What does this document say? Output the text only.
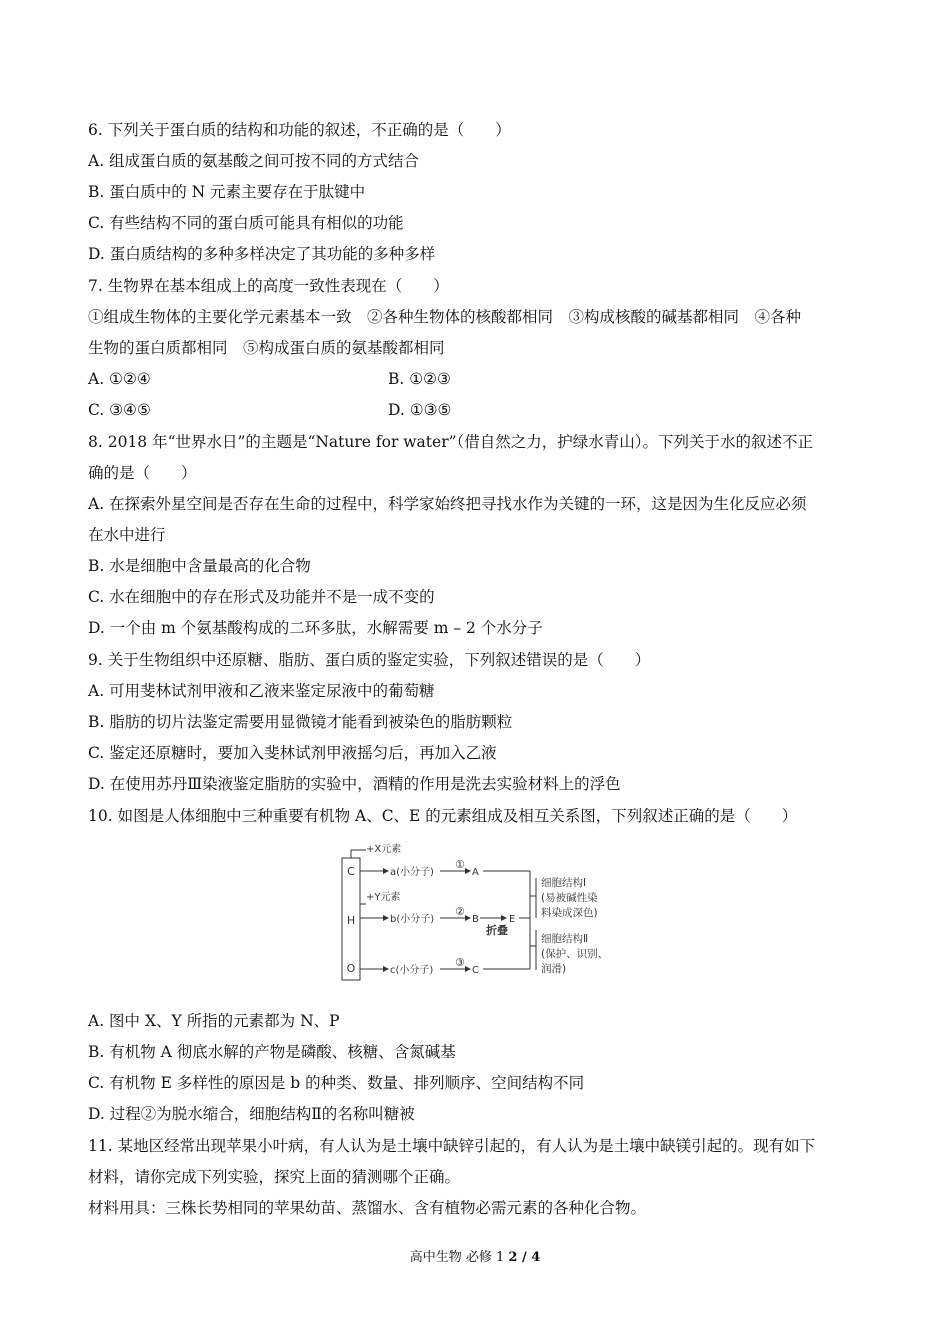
6. 下列关于蛋白质的结构和功能的叙述，不正确的是（　　）
A. 组成蛋白质的氨基酸之间可按不同的方式结合
B. 蛋白质中的 N 元素主要存在于肽键中
C. 有些结构不同的蛋白质可能具有相似的功能
D. 蛋白质结构的多种多样决定了其功能的多种多样
7. 生物界在基本组成上的高度一致性表现在（　　）
①组成生物体的主要化学元素基本一致　②各种生物体的核酸都相同　③构成核酸的碱基都相同　④各种
生物的蛋白质都相同　⑤构成蛋白质的氨基酸都相同
A. ①②④	B. ①②③
C. ③④⑤	D. ①③⑤
8. 2018 年“世界水日”的主题是“Nature for water”（借自然之力，护绿水青山）。下列关于水的叙述不正
确的是（　　）
A. 在探索外星空间是否存在生命的过程中，科学家始终把寻找水作为关键的一环，这是因为生化反应必须
在水中进行
B. 水是细胞中含量最高的化合物
C. 水在细胞中的存在形式及功能并不是一成不变的
D. 一个由 m 个氨基酸构成的二环多肽，水解需要 m – 2 个水分子
9. 关于生物组织中还原糖、脂肪、蛋白质的鉴定实验，下列叙述错误的是（　　）
A. 可用斐林试剂甲液和乙液来鉴定尿液中的葡萄糖
B. 脂肪的切片法鉴定需要用显微镜才能看到被染色的脂肪颗粒
C. 鉴定还原糖时，要加入斐林试剂甲液摇匀后，再加入乙液
D. 在使用苏丹Ⅲ染液鉴定脂肪的实验中，酒精的作用是洗去实验材料上的浮色
10. 如图是人体细胞中三种重要有机物 A、C、E 的元素组成及相互关系图，下列叙述正确的是（　　）
C
H
O
+X元素
a(小分子)
①
A
+Y元素
b(小分子)
②
B
折叠
E
c(小分子)
③
C
细胞结构Ⅰ
(易被碱性染
料染成深色)
细胞结构Ⅱ
(保护、识别、
润滑)
A. 图中 X、Y 所指的元素都为 N、P
B. 有机物 A 彻底水解的产物是磷酸、核糖、含氮碱基
C. 有机物 E 多样性的原因是 b 的种类、数量、排列顺序、空间结构不同
D. 过程②为脱水缩合，细胞结构Ⅱ的名称叫糖被
11. 某地区经常出现苹果小叶病，有人认为是土壤中缺锌引起的，有人认为是土壤中缺镁引起的。现有如下
材料，请你完成下列实验，探究上面的猜测哪个正确。
材料用具：三株长势相同的苹果幼苗、蒸馏水、含有植物必需元素的各种化合物。
高中生物 必修 1 2 / 4
